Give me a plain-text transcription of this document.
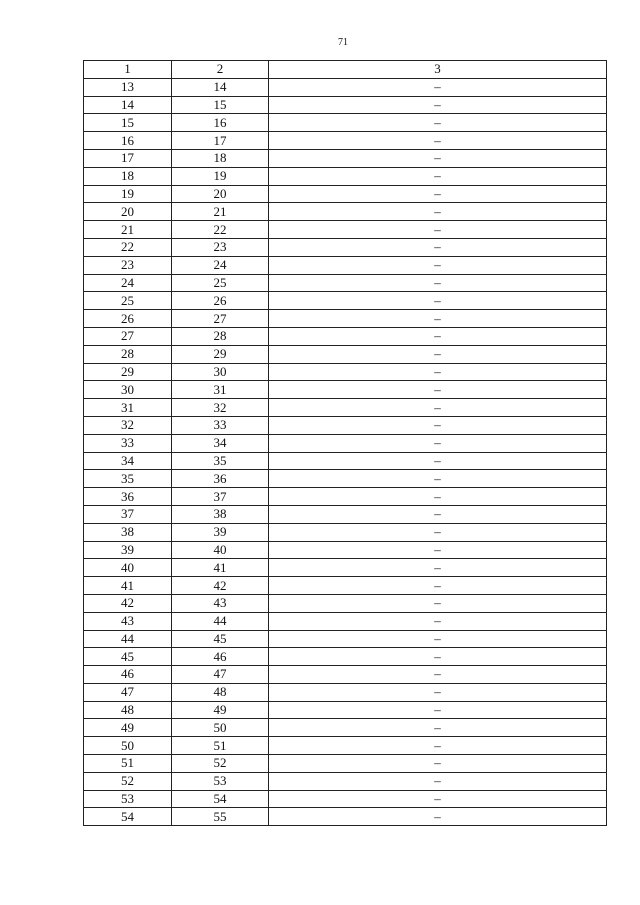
71
1	2	3
13	14	–
14	15	–
15	16	–
16	17	–
17	18	–
18	19	–
19	20	–
20	21	–
21	22	–
22	23	–
23	24	–
24	25	–
25	26	–
26	27	–
27	28	–
28	29	–
29	30	–
30	31	–
31	32	–
32	33	–
33	34	–
34	35	–
35	36	–
36	37	–
37	38	–
38	39	–
39	40	–
40	41	–
41	42	–
42	43	–
43	44	–
44	45	–
45	46	–
46	47	–
47	48	–
48	49	–
49	50	–
50	51	–
51	52	–
52	53	–
53	54	–
54	55	–
